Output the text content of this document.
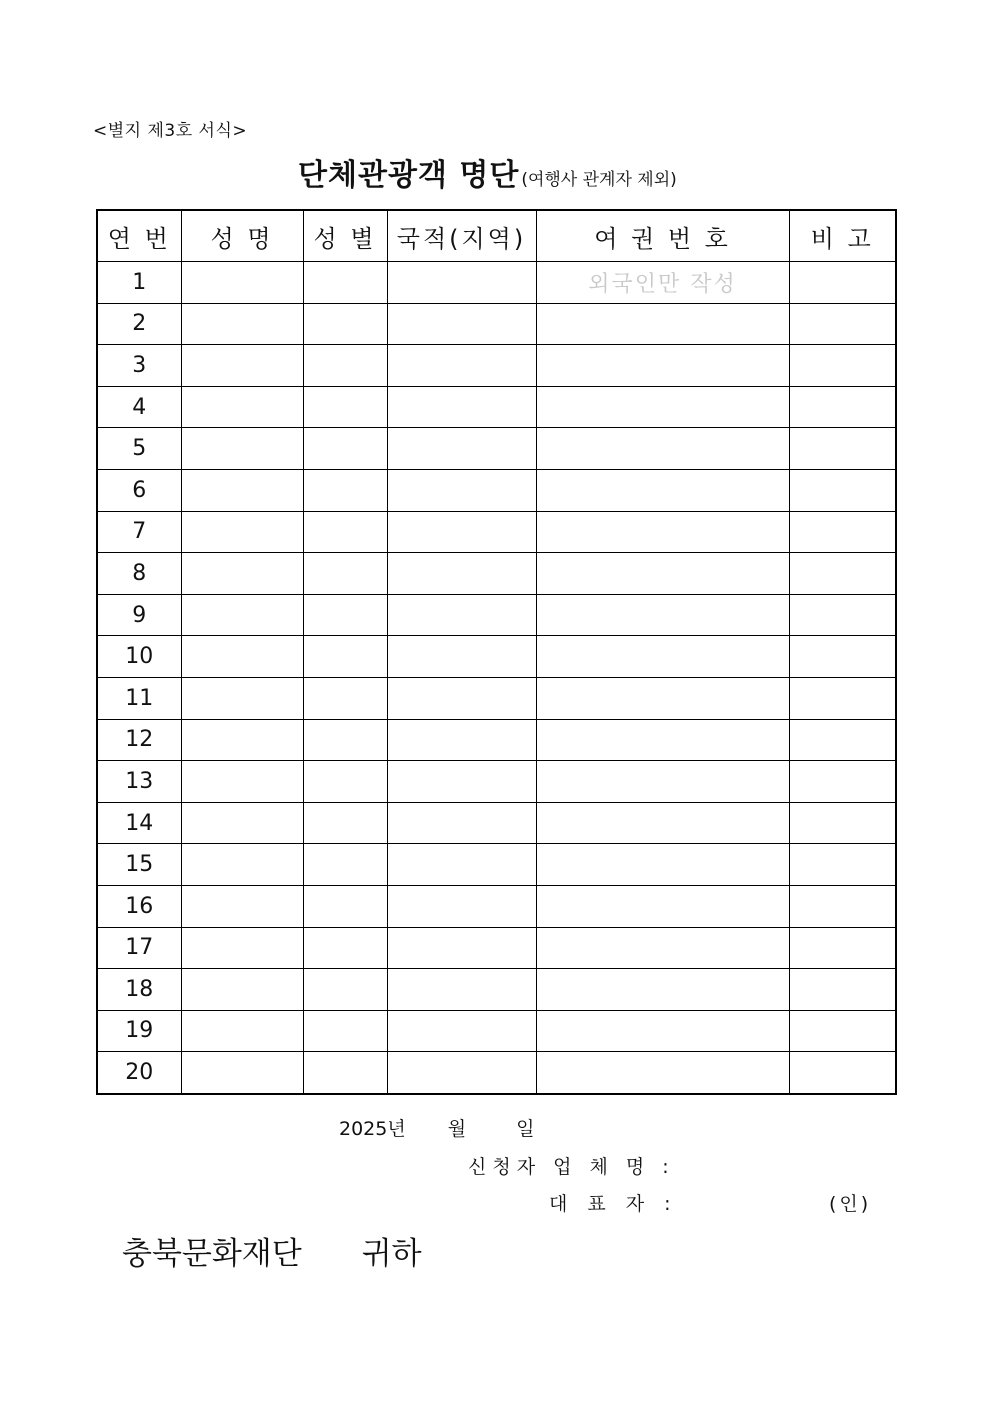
<별지 제3호 서식>
단체관광객 명단 (여행사 관계자 제외)
연 번	성 명	성 별	국적(지역)	여 권 번 호	비 고
1				외국인만 작성	
2					
3					
4					
5					
6					
7					
8					
9					
10					
11					
12					
13					
14					
15					
16					
17					
18					
19					
20					
2025년 월	일
신청자 업 체 명 :
대 표 자 :	(인)
충북문화재단 귀하
